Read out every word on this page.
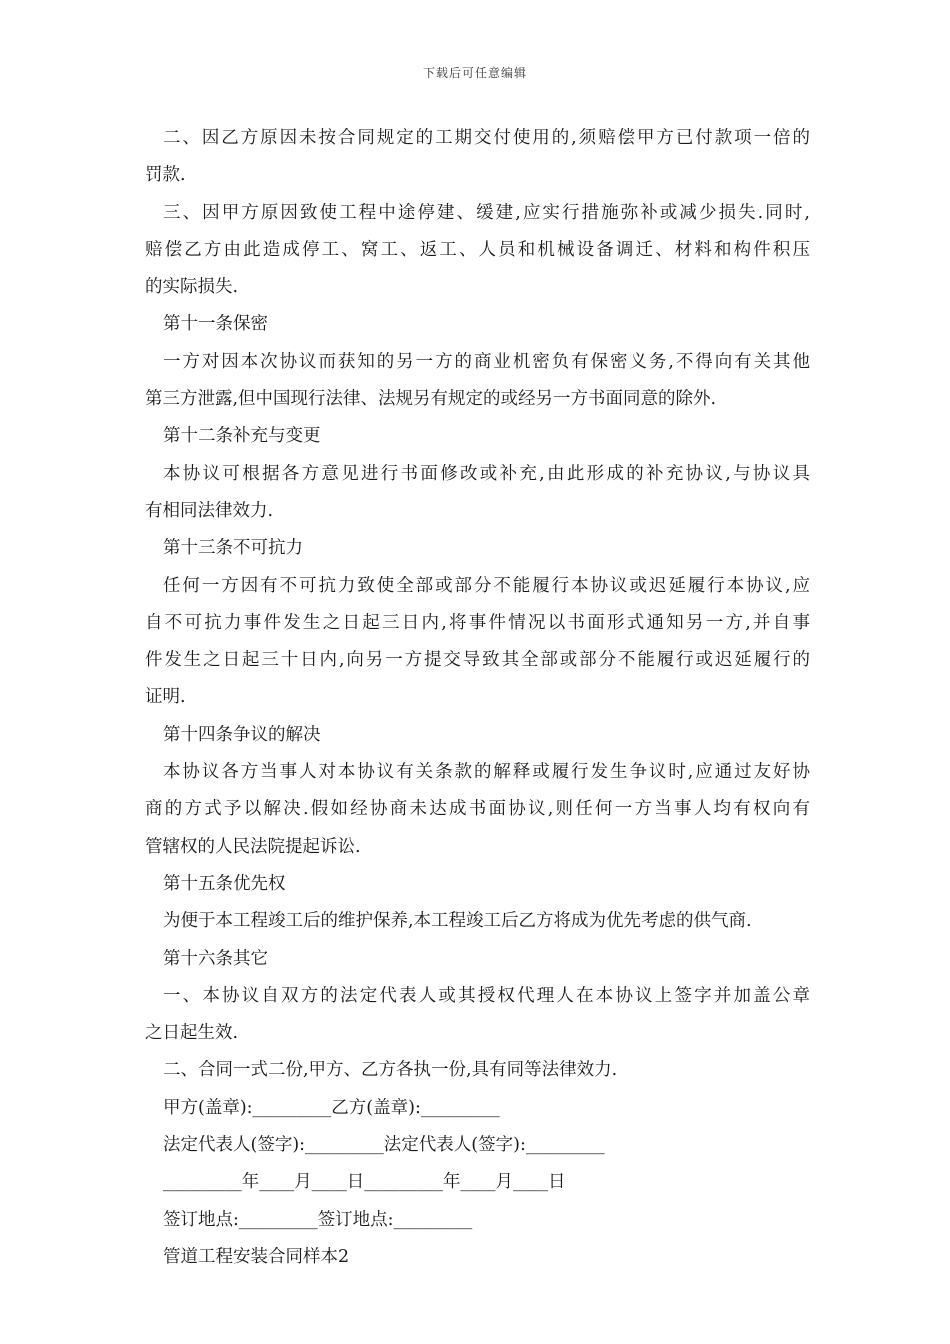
下载后可任意编辑
二、因乙方原因未按合同规定的工期交付使用的,须赔偿甲方已付款项一倍的
罚款.
三、因甲方原因致使工程中途停建、缓建,应实行措施弥补或减少损失.同时,
赔偿乙方由此造成停工、窝工、返工、人员和机械设备调迁、材料和构件积压
的实际损失.
第十一条保密
一方对因本次协议而获知的另一方的商业机密负有保密义务,不得向有关其他
第三方泄露,但中国现行法律、法规另有规定的或经另一方书面同意的除外.
第十二条补充与变更
本协议可根据各方意见进行书面修改或补充,由此形成的补充协议,与协议具
有相同法律效力.
第十三条不可抗力
任何一方因有不可抗力致使全部或部分不能履行本协议或迟延履行本协议,应
自不可抗力事件发生之日起三日内,将事件情况以书面形式通知另一方,并自事
件发生之日起三十日内,向另一方提交导致其全部或部分不能履行或迟延履行的
证明.
第十四条争议的解决
本协议各方当事人对本协议有关条款的解释或履行发生争议时,应通过友好协
商的方式予以解决.假如经协商未达成书面协议,则任何一方当事人均有权向有
管辖权的人民法院提起诉讼.
第十五条优先权
为便于本工程竣工后的维护保养,本工程竣工后乙方将成为优先考虑的供气商.
第十六条其它
一、本协议自双方的法定代表人或其授权代理人在本协议上签字并加盖公章
之日起生效.
二、合同一式二份,甲方、乙方各执一份,具有同等法律效力.
甲方(盖章):_________乙方(盖章):_________
法定代表人(签字):_________法定代表人(签字):_________
_________年____月____日_________年____月____日
签订地点:_________签订地点:_________
管道工程安装合同样本2
